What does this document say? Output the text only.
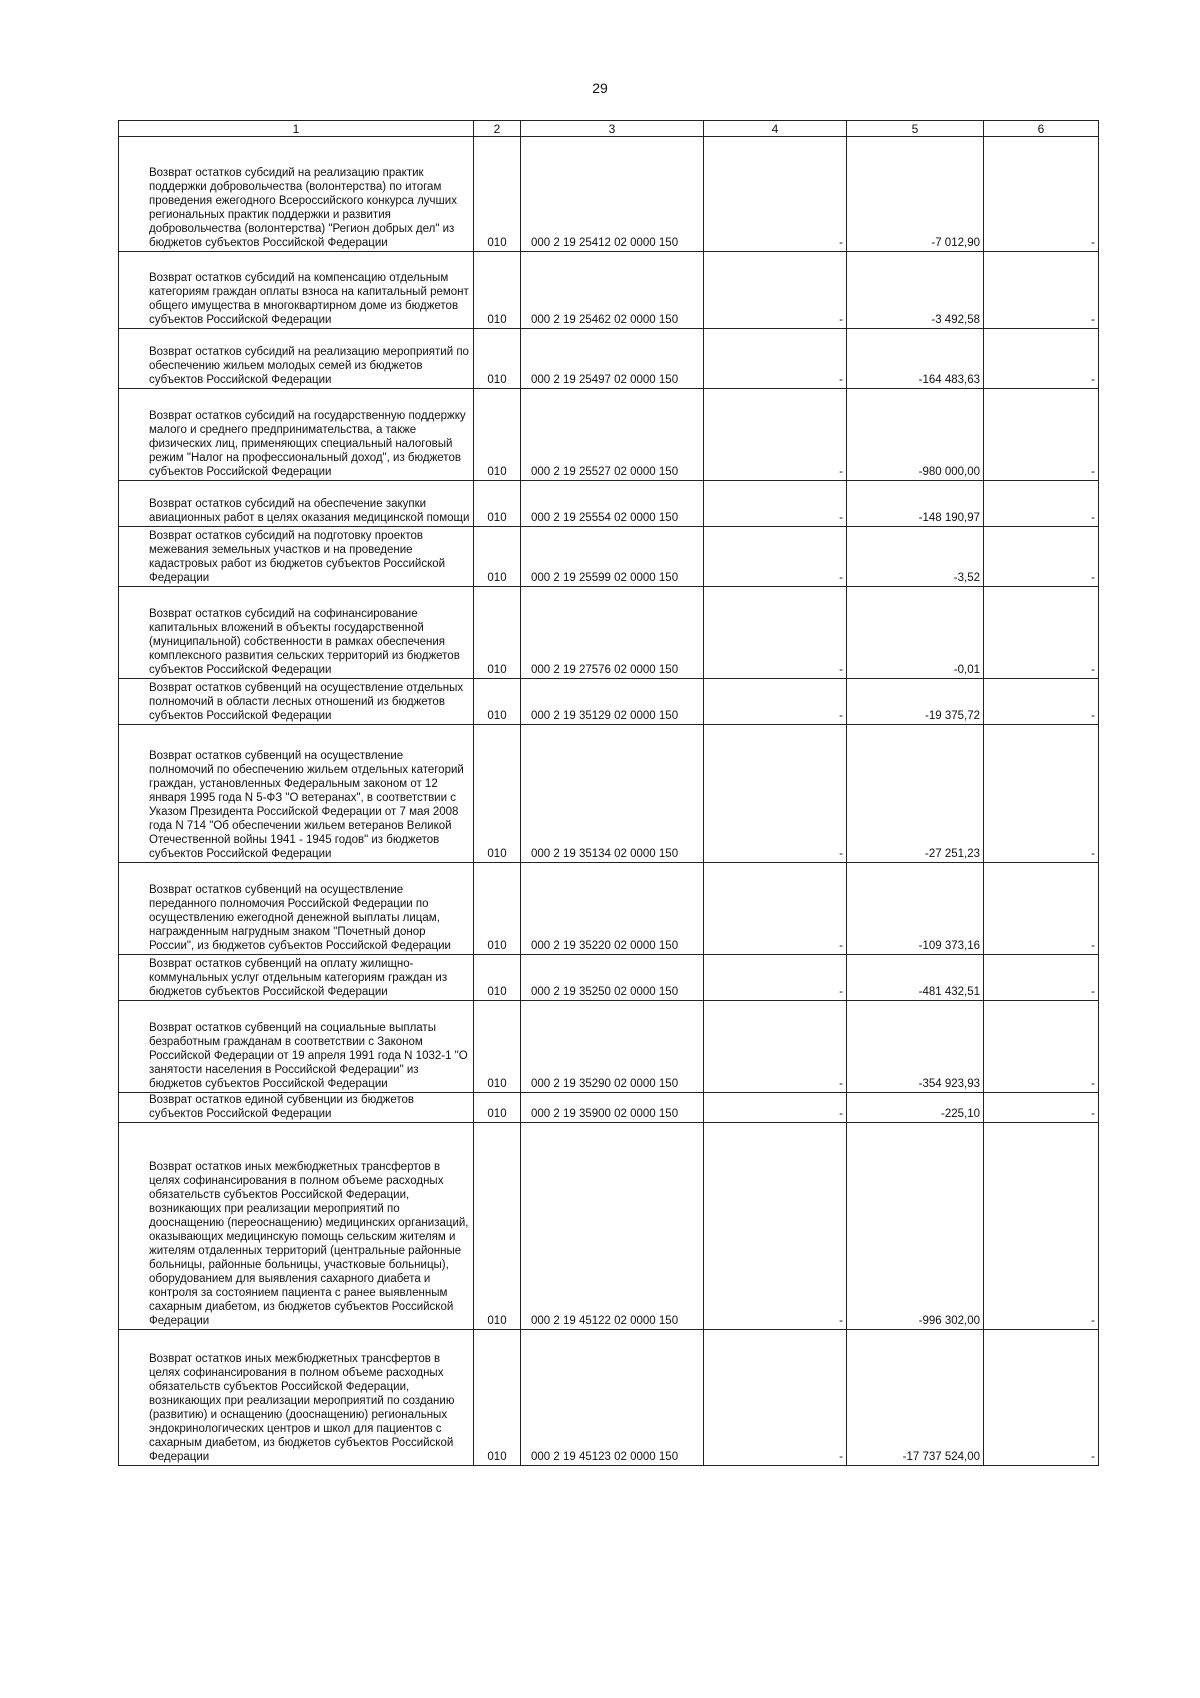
29
1	2	3	4	5	6
Возврат остатков субсидий на реализацию практик поддержки добровольчества (волонтерства) по итогам проведения ежегодного Всероссийского конкурса лучших региональных практик поддержки и развития добровольчества (волонтерства) "Регион добрых дел" из бюджетов субъектов Российской Федерации	010	000 2 19 25412 02 0000 150	-	-7 012,90	-
Возврат остатков субсидий на компенсацию отдельным категориям граждан оплаты взноса на капитальный ремонт общего имущества в многоквартирном доме из бюджетов субъектов Российской Федерации	010	000 2 19 25462 02 0000 150	-	-3 492,58	-
Возврат остатков субсидий на реализацию мероприятий по обеспечению жильем молодых семей из бюджетов субъектов Российской Федерации	010	000 2 19 25497 02 0000 150	-	-164 483,63	-
Возврат остатков субсидий на государственную поддержку малого и среднего предпринимательства, а также физических лиц, применяющих специальный налоговый режим "Налог на профессиональный доход", из бюджетов субъектов Российской Федерации	010	000 2 19 25527 02 0000 150	-	-980 000,00	-
Возврат остатков субсидий на обеспечение закупки авиационных работ в целях оказания медицинской помощи	010	000 2 19 25554 02 0000 150	-	-148 190,97	-
Возврат остатков субсидий на подготовку проектов межевания земельных участков и на проведение кадастровых работ из бюджетов субъектов Российской Федерации	010	000 2 19 25599 02 0000 150	-	-3,52	-
Возврат остатков субсидий на софинансирование капитальных вложений в объекты государственной (муниципальной) собственности в рамках обеспечения комплексного развития сельских территорий из бюджетов субъектов Российской Федерации	010	000 2 19 27576 02 0000 150	-	-0,01	-
Возврат остатков субвенций на осуществление отдельных полномочий в области лесных отношений из бюджетов субъектов Российской Федерации	010	000 2 19 35129 02 0000 150	-	-19 375,72	-
Возврат остатков субвенций на осуществление полномочий по обеспечению жильем отдельных категорий граждан, установленных Федеральным законом от 12 января 1995 года N 5-ФЗ "О ветеранах", в соответствии с Указом Президента Российской Федерации от 7 мая 2008 года N 714 "Об обеспечении жильем ветеранов Великой Отечественной войны 1941 - 1945 годов" из бюджетов субъектов Российской Федерации	010	000 2 19 35134 02 0000 150	-	-27 251,23	-
Возврат остатков субвенций на осуществление переданного полномочия Российской Федерации по осуществлению ежегодной денежной выплаты лицам, награжденным нагрудным знаком "Почетный донор России", из бюджетов субъектов Российской Федерации	010	000 2 19 35220 02 0000 150	-	-109 373,16	-
Возврат остатков субвенций на оплату жилищно-коммунальных услуг отдельным категориям граждан из бюджетов субъектов Российской Федерации	010	000 2 19 35250 02 0000 150	-	-481 432,51	-
Возврат остатков субвенций на социальные выплаты безработным гражданам в соответствии с Законом Российской Федерации от 19 апреля 1991 года N 1032-1 "О занятости населения в Российской Федерации" из бюджетов субъектов Российской Федерации	010	000 2 19 35290 02 0000 150	-	-354 923,93	-
Возврат остатков единой субвенции из бюджетов субъектов Российской Федерации	010	000 2 19 35900 02 0000 150	-	-225,10	-
Возврат остатков иных межбюджетных трансфертов в целях софинансирования в полном объеме расходных обязательств субъектов Российской Федерации, возникающих при реализации мероприятий по дооснащению (переоснащению) медицинских организаций, оказывающих медицинскую помощь сельским жителям и жителям отдаленных территорий (центральные районные больницы, районные больницы, участковые больницы), оборудованием для выявления сахарного диабета и контроля за состоянием пациента с ранее выявленным сахарным диабетом, из бюджетов субъектов Российской Федерации	010	000 2 19 45122 02 0000 150	-	-996 302,00	-
Возврат остатков иных межбюджетных трансфертов в целях софинансирования в полном объеме расходных обязательств субъектов Российской Федерации, возникающих при реализации мероприятий по созданию (развитию) и оснащению (дооснащению) региональных эндокринологических центров и школ для пациентов с сахарным диабетом, из бюджетов субъектов Российской Федерации	010	000 2 19 45123 02 0000 150	-	-17 737 524,00	-
